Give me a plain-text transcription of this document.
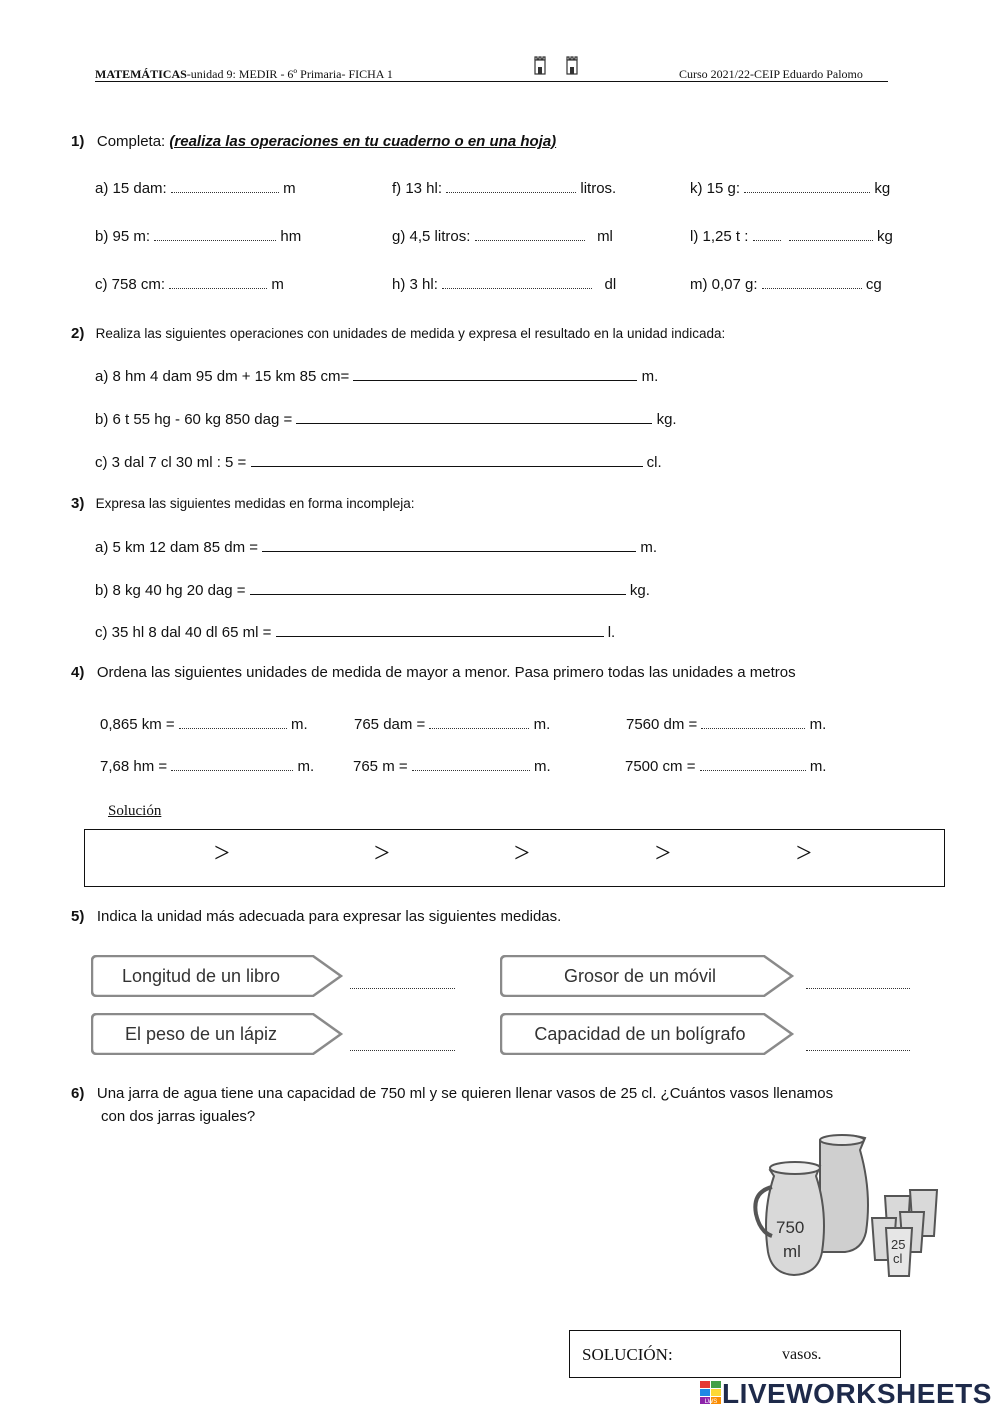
MATEMÁTICAS-unidad 9: MEDIR - 6º Primaria- FICHA 1	Curso 2021/22-CEIP Eduardo Palomo
1) Completa: (realiza las operaciones en tu cuaderno o en una hoja)
a) 15 dam:	m	f) 13 hl:	litros.	k) 15 g:	kg
b) 95 m:	hm	g) 4,5 litros:	ml	l) 1,25 t :	kg
c) 758 cm:	m	h) 3 hl:	dl	m) 0,07 g:	cg
2) Realiza las siguientes operaciones con unidades de medida y expresa el resultado en la unidad indicada:
a) 8 hm 4 dam 95 dm + 15 km 85 cm=	m.
b) 6 t 55 hg - 60 kg 850 dag =	kg.
c) 3 dal 7 cl 30 ml : 5 =	cl.
3) Expresa las siguientes medidas en forma incompleja:
a) 5 km 12 dam 85 dm =	m.
b) 8 kg 40 hg 20 dag =	kg.
c) 35 hl 8 dal 40 dl 65 ml =	l.
4) Ordena las siguientes unidades de medida de mayor a menor. Pasa primero todas las unidades a metros
0,865 km =	m.	765 dam =	m.	7560 dm =	m.
7,68 hm =	m.	765 m =	m.	7500 cm =	m.
Solución
>	>	>	>	>
5) Indica la unidad más adecuada para expresar las siguientes medidas.
Longitud de un libro	Grosor de un móvil
El peso de un lápiz	Capacidad de un bolígrafo
6) Una jarra de agua tiene una capacidad de 750 ml y se quieren llenar vasos de 25 cl. ¿Cuántos vasos llenamos
con dos jarras iguales?
750
ml	25
cl
SOLUCIÓN:	vasos.
LWS LIVEWORKSHEETS
